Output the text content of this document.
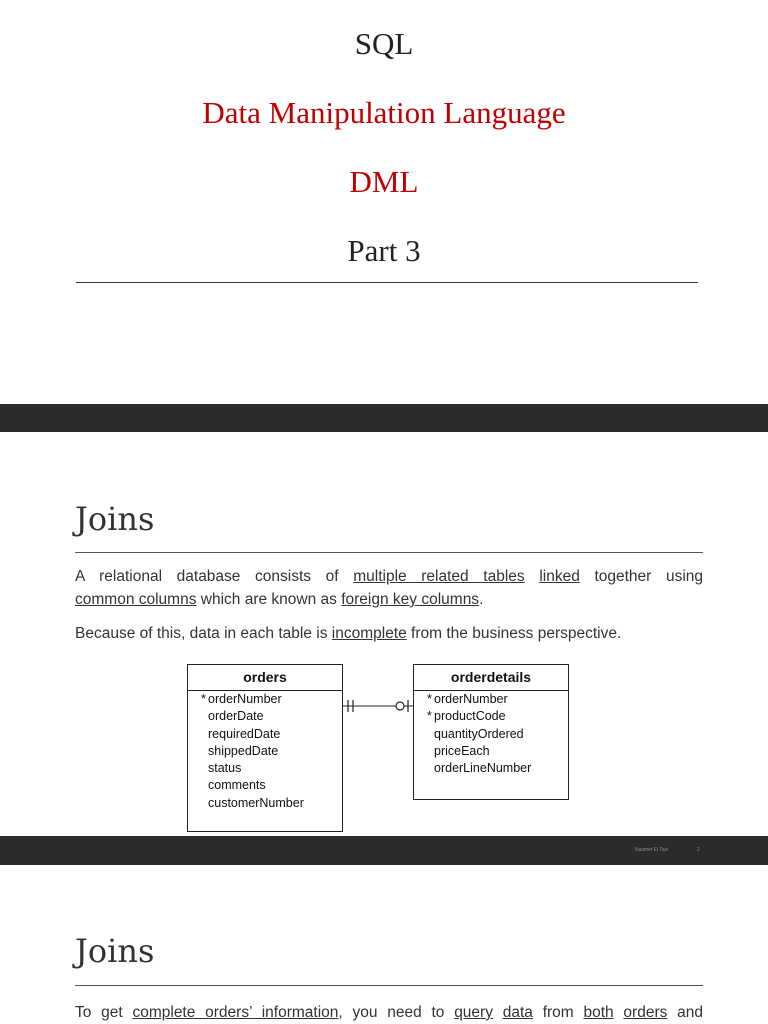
SQL
Data Manipulation Language
DML
Part 3
Joins
A relational database consists of multiple related tables linked together using
common columns which are known as foreign key columns.
Because of this, data in each table is incomplete from the business perspective.
orders
* orderNumber
orderDate
requiredDate
shippedDate
status
comments
customerNumber
orderdetails
* orderNumber
* productCode
quantityOrdered
priceEach
orderLineNumber
Nasmet El Tazi	2
Joins
To get complete orders’ information, you need to query data from both orders and
